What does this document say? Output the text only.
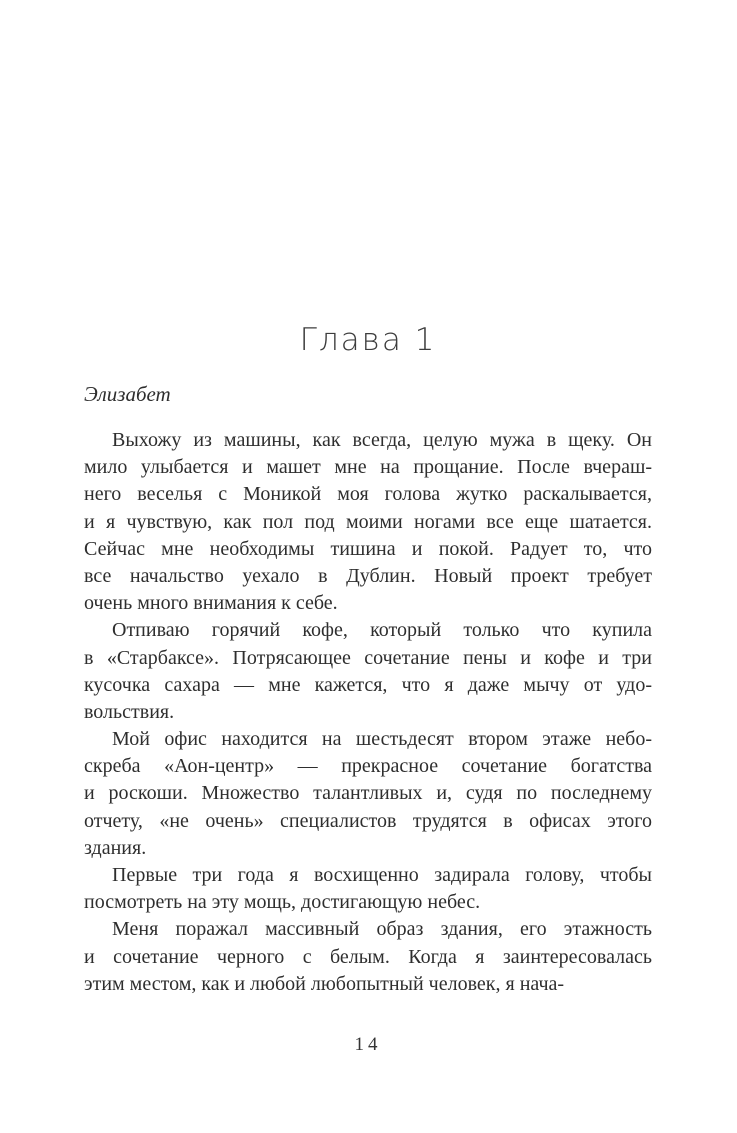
Глава 1
Элизабет
Выхожу из машины, как всегда, целую мужа в щеку. Он
мило улыбается и машет мне на прощание. После вчераш-
него веселья с Моникой моя голова жутко раскалывается,
и я чувствую, как пол под моими ногами все еще шатается.
Сейчас мне необходимы тишина и покой. Радует то, что
все начальство уехало в Дублин. Новый проект требует
очень много внимания к себе.
Отпиваю горячий кофе, который только что купила
в «Старбаксе». Потрясающее сочетание пены и кофе и три
кусочка сахара — мне кажется, что я даже мычу от удо-
вольствия.
Мой офис находится на шестьдесят втором этаже небо-
скреба «Аон-центр» — прекрасное сочетание богатства
и роскоши. Множество талантливых и, судя по последнему
отчету, «не очень» специалистов трудятся в офисах этого
здания.
Первые три года я восхищенно задирала голову, чтобы
посмотреть на эту мощь, достигающую небес.
Меня поражал массивный образ здания, его этажность
и сочетание черного с белым. Когда я заинтересовалась
этим местом, как и любой любопытный человек, я нача-
14
